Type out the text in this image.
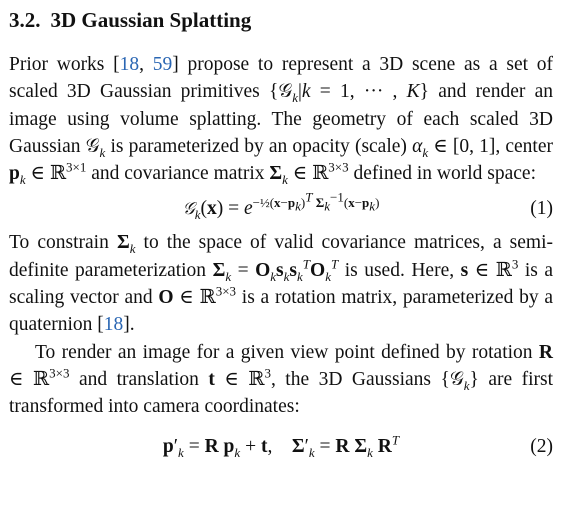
3.2. 3D Gaussian Splatting

Prior works [18, 59] propose to represent a 3D scene as a set of scaled 3D Gaussian primitives {𝒢$_k$|k = 1, ··· , K} and render an image using volume splatting. The geometry of each scaled 3D Gaussian 𝒢$_k$ is parameterized by an opacity (scale) $\alpha_k$ ∈ [0, 1], center $p_k$ ∈ ℝ$^{3\times 1}$ and covariance matrix $\Sigma_k$ ∈ ℝ$^{3\times 3}$ defined in world space:

𝒢$_k$(x) = $e^{-\frac{1}{2}(x-p_k)^T \Sigma_k^{-1}(x-p_k)}$	(1)

To constrain $\Sigma_k$ to the space of valid covariance matrices, a semi-definite parameterization $\Sigma_k = O_ks_ks_k^TO_k^T$ is used. Here, s ∈ ℝ$^3$ is a scaling vector and O ∈ ℝ$^{3\times 3}$ is a rotation matrix, parameterized by a quaternion [18].

To render an image for a given view point defined by rotation R ∈ ℝ$^{3\times 3}$ and translation t ∈ ℝ$^3$, the 3D Gaussians {𝒢$_k$} are first transformed into camera coordinates:

$p'_k = R$ $p_k + t$,    $\Sigma'_k = R$ $\Sigma_k$ $R^T$	(2)
